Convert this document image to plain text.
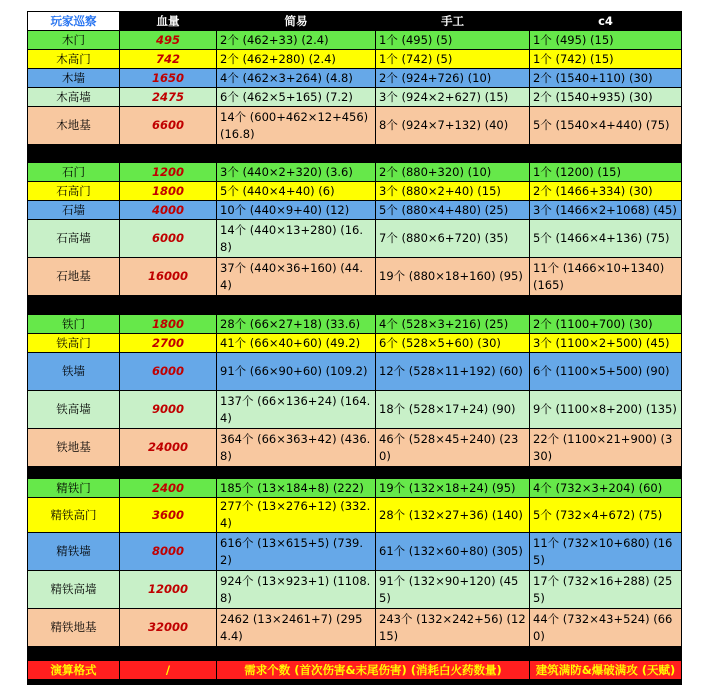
玩家巡察	血量	简易	手工	c4
木门	495	2个 (462+33) (2.4)	1个 (495) (5)	1个 (495) (15)
木高门	742	2个 (462+280) (2.4)	1个 (742) (5)	1个 (742) (15)
木墙	1650	4个 (462×3+264) (4.8)	2个 (924+726) (10)	2个 (1540+110) (30)
木高墙	2475	6个 (462×5+165) (7.2)	3个 (924×2+627) (15)	2个 (1540+935) (30)
木地基	6600	14个 (600+462×12+456) (16.8)	8个 (924×7+132) (40)	5个 (1540×4+440) (75)
石门	1200	3个 (440×2+320) (3.6)	2个 (880+320) (10)	1个 (1200) (15)
石高门	1800	5个 (440×4+40) (6)	3个 (880×2+40) (15)	2个 (1466+334) (30)
石墙	4000	10个 (440×9+40) (12)	5个 (880×4+480) (25)	3个 (1466×2+1068) (45)
石高墙	6000	14个 (440×13+280) (16.8)	7个 (880×6+720) (35)	5个 (1466×4+136) (75)
石地基	16000	37个 (440×36+160) (44.4)	19个 (880×18+160) (95)	11个 (1466×10+1340) (165)
铁门	1800	28个 (66×27+18) (33.6)	4个 (528×3+216) (25)	2个 (1100+700) (30)
铁高门	2700	41个 (66×40+60) (49.2)	6个 (528×5+60) (30)	3个 (1100×2+500) (45)
铁墙	6000	91个 (66×90+60) (109.2)	12个 (528×11+192) (60)	6个 (1100×5+500) (90)
铁高墙	9000	137个 (66×136+24) (164.4)	18个 (528×17+24) (90)	9个 (1100×8+200) (135)
铁地基	24000	364个 (66×363+42) (436.8)	46个 (528×45+240) (230)	22个 (1100×21+900) (330)
精铁门	2400	185个 (13×184+8) (222)	19个 (132×18+24) (95)	4个 (732×3+204) (60)
精铁高门	3600	277个 (13×276+12) (332.4)	28个 (132×27+36) (140)	5个 (732×4+672) (75)
精铁墙	8000	616个 (13×615+5) (739.2)	61个 (132×60+80) (305)	11个 (732×10+680) (165)
精铁高墙	12000	924个 (13×923+1) (1108.8)	91个 (132×90+120) (455)	17个 (732×16+288) (255)
精铁地基	32000	2462 (13×2461+7) (2954.4)	243个 (132×242+56) (1215)	44个 (732×43+524) (660)
演算格式	/	需求个数 (首次伤害&末尾伤害) (消耗白火药数量)	建筑满防&爆破满攻 (天赋)
